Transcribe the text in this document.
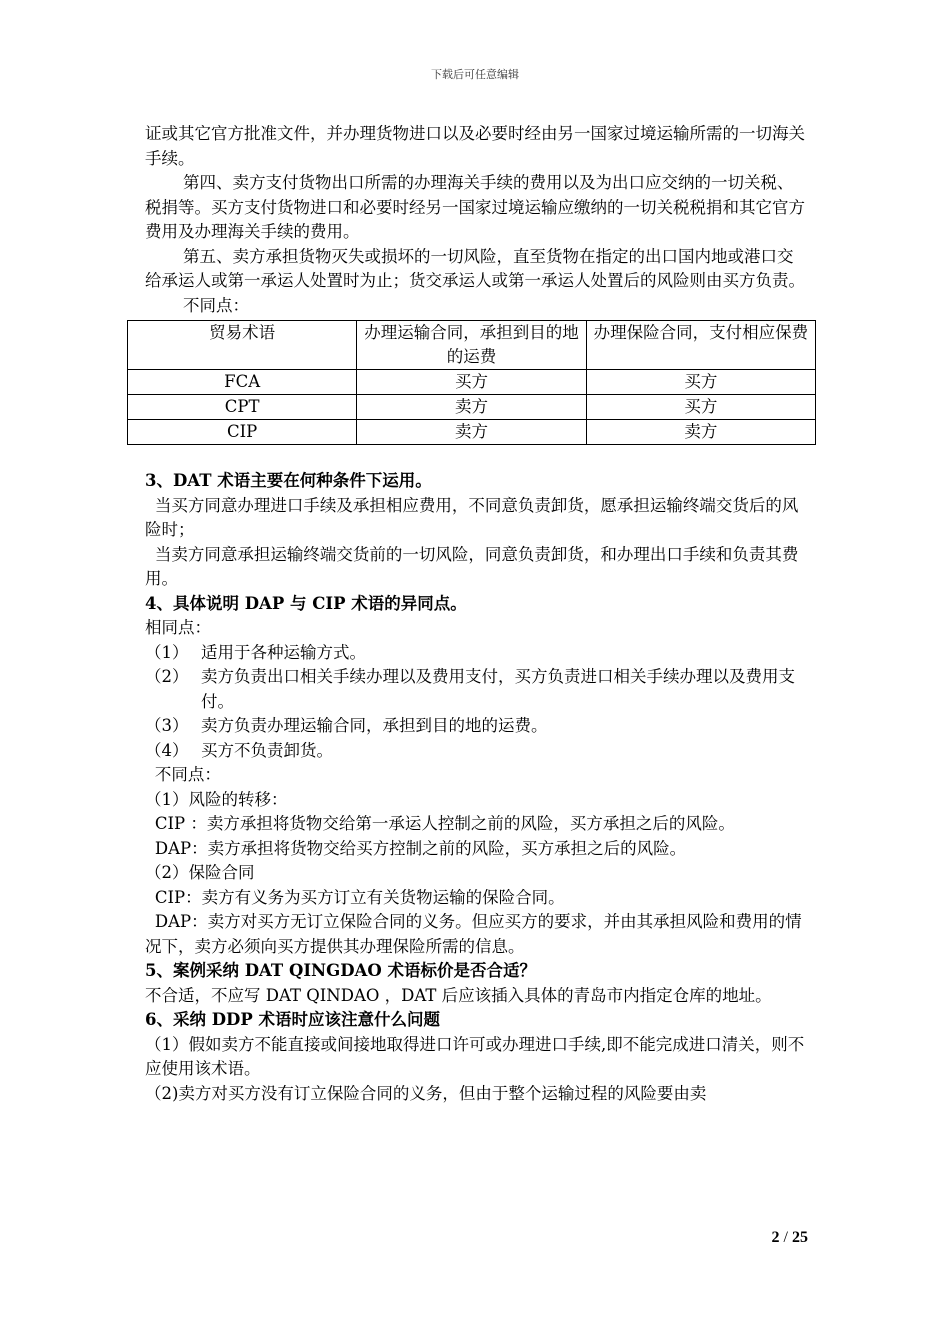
下载后可任意编辑

证或其它官方批准文件，并办理货物进口以及必要时经由另一国家过境运输所需的一切海关手续。

第四、卖方支付货物出口所需的办理海关手续的费用以及为出口应交纳的一切关税、税捐等。买方支付货物进口和必要时经另一国家过境运输应缴纳的一切关税税捐和其它官方费用及办理海关手续的费用。

第五、卖方承担货物灭失或损坏的一切风险，直至货物在指定的出口国内地或港口交给承运人或第一承运人处置时为止；货交承运人或第一承运人处置后的风险则由买方负责。

不同点：

贸易术语	办理运输合同，承担到目的地的运费	办理保险合同，支付相应保费
FCA	买方	买方
CPT	卖方	买方
CIP	卖方	卖方

3、DAT 术语主要在何种条件下运用。

当买方同意办理进口手续及承担相应费用，不同意负责卸货，愿承担运输终端交货后的风险时；

当卖方同意承担运输终端交货前的一切风险，同意负责卸货，和办理出口手续和负责其费用。

4、具体说明 DAP 与 CIP 术语的异同点。

相同点：

（1） 适用于各种运输方式。
（2） 卖方负责出口相关手续办理以及费用支付，买方负责进口相关手续办理以及费用支付。
（3） 卖方负责办理运输合同，承担到目的地的运费。
（4） 买方不负责卸货。

不同点：

（1）风险的转移：

CIP ：卖方承担将货物交给第一承运人控制之前的风险，买方承担之后的风险。

DAP：卖方承担将货物交给买方控制之前的风险，买方承担之后的风险。

（2）保险合同

CIP：卖方有义务为买方订立有关货物运输的保险合同。

DAP：卖方对买方无订立保险合同的义务。但应买方的要求，并由其承担风险和费用的情况下，卖方必须向买方提供其办理保险所需的信息。

5、案例采纳 DAT QINGDAO 术语标价是否合适？

不合适，不应写 DAT QINDAO ，DAT 后应该插入具体的青岛市内指定仓库的地址。

6、采纳 DDP 术语时应该注意什么问题

（1）假如卖方不能直接或间接地取得进口许可或办理进口手续,即不能完成进口清关，则不应使用该术语。

（2)卖方对买方没有订立保险合同的义务，但由于整个运输过程的风险要由卖

2 / 25
